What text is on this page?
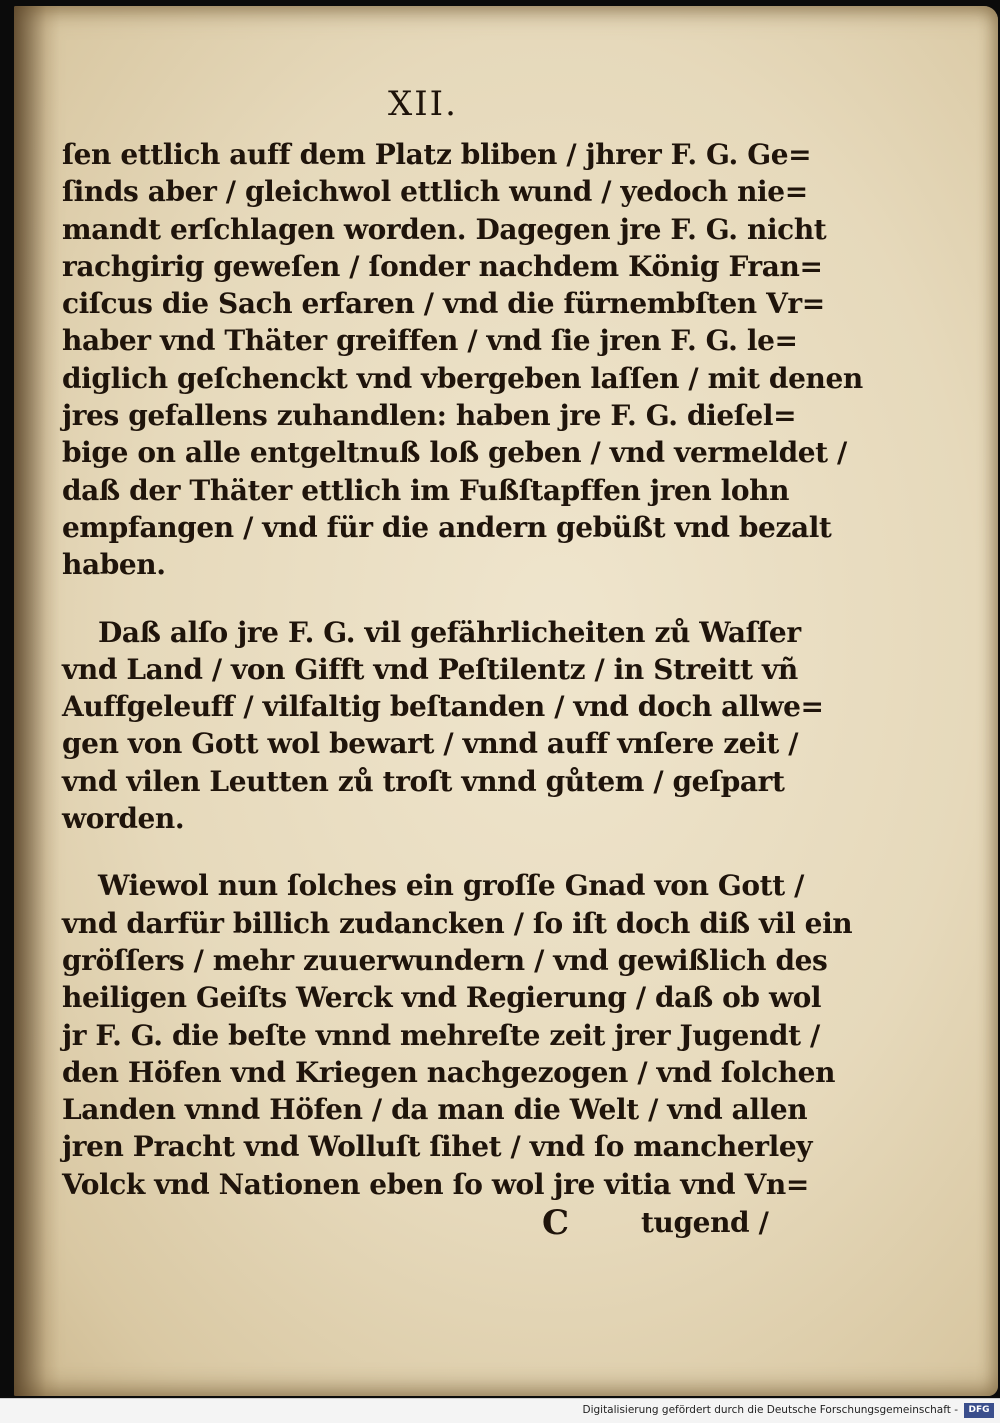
XII.
ſen ettlich auff dem Platz bliben / jhrer F. G. Ge=
ſinds aber / gleichwol ettlich wund / yedoch nie=
mandt erſchlagen worden. Dagegen jre F. G. nicht
rachgirig geweſen / ſonder nachdem König Fran=
ciſcus die Sach erfaren / vnd die fürnembſten Vr=
haber vnd Thäter greiffen / vnd ſie jren F. G. le=
diglich geſchenckt vnd vbergeben laſſen / mit denen
jres gefallens zuhandlen: haben jre F. G. dieſel=
bige on alle entgeltnuß loß geben / vnd vermeldet /
daß der Thäter ettlich im Fußſtapffen jren lohn
empfangen / vnd für die andern gebüßt vnd bezalt
haben.
Daß alſo jre F. G. vil gefährlicheiten zů Waſſer
vnd Land / von Gifft vnd Peſtilentz / in Streitt vñ
Auffgeleuff / vilfaltig beſtanden / vnd doch allwe=
gen von Gott wol bewart / vnnd auff vnſere zeit /
vnd vilen Leutten zů troſt vnnd gůtem / geſpart
worden.
Wiewol nun ſolches ein groſſe Gnad von Gott /
vnd darfür billich zudancken / ſo iſt doch diß vil ein
gröſſers / mehr zuuerwundern / vnd gewißlich des
heiligen Geiſts Werck vnd Regierung / daß ob wol
jr F. G. die beſte vnnd mehreſte zeit jrer Jugendt /
den Höfen vnd Kriegen nachgezogen / vnd ſolchen
Landen vnnd Höfen / da man die Welt / vnd allen
jren Pracht vnd Wolluſt ſihet / vnd ſo mancherley
Volck vnd Nationen eben ſo wol jre vitia vnd Vn=
C	tugend /
Digitalisierung gefördert durch die Deutsche Forschungsgemeinschaft -	DFG
